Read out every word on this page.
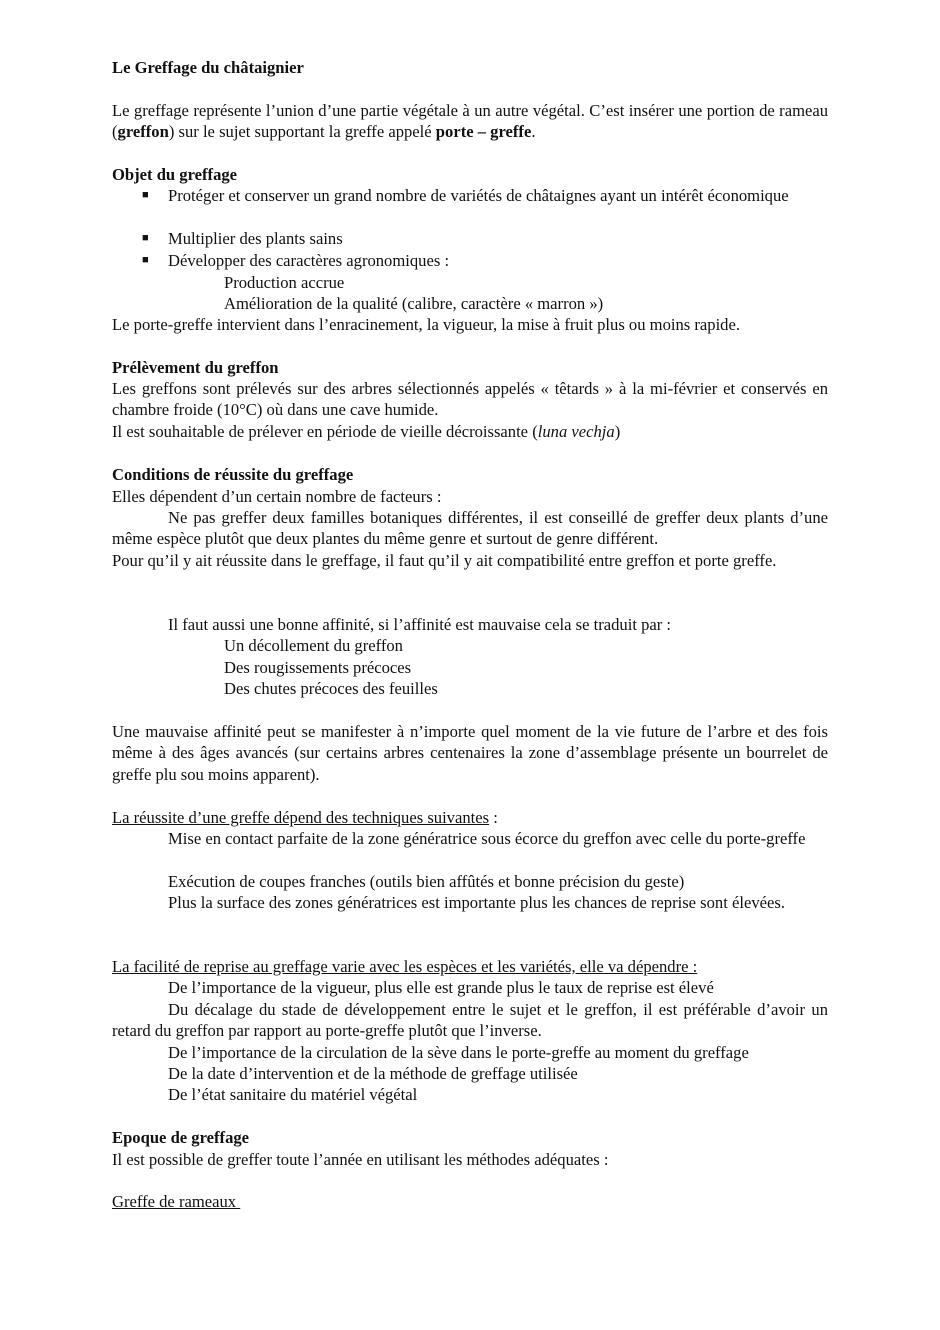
Le Greffage du châtaignier

Le greffage représente l’union d’une partie végétale à un autre végétal. C’est insérer une portion de rameau (greffon) sur le sujet supportant la greffe appelé porte – greffe.

Objet du greffage

■ Protéger et conserver un grand nombre de variétés de châtaignes ayant un intérêt économique
■ Multiplier des plants sains
■ Développer des caractères agronomiques :

Production accrue

Amélioration de la qualité (calibre, caractère « marron »)

Le porte-greffe intervient dans l’enracinement, la vigueur, la mise à fruit plus ou moins rapide.

Prélèvement du greffon

Les greffons sont prélevés sur des arbres sélectionnés appelés « têtards » à la mi-février et conservés en chambre froide (10°C) où dans une cave humide.

Il est souhaitable de prélever en période de vieille décroissante (luna vechja)

Conditions de réussite du greffage

Elles dépendent d’un certain nombre de facteurs :

Ne pas greffer deux familles botaniques différentes, il est conseillé de greffer deux plants d’une même espèce plutôt que deux plantes du même genre et surtout de genre différent.

Pour qu’il y ait réussite dans le greffage, il faut qu’il y ait compatibilité entre greffon et porte greffe.

Il faut aussi une bonne affinité, si l’affinité est mauvaise cela se traduit par :

Un décollement du greffon

Des rougissements précoces

Des chutes précoces des feuilles

Une mauvaise affinité peut se manifester à n’importe quel moment de la vie future de l’arbre et des fois même à des âges avancés (sur certains arbres centenaires la zone d’assemblage présente un bourrelet de greffe plu sou moins apparent).

La réussite d’une greffe dépend des techniques suivantes :

Mise en contact parfaite de la zone génératrice sous écorce du greffon avec celle du porte-greffe

Exécution de coupes franches (outils bien affûtés et bonne précision du geste)

Plus la surface des zones génératrices est importante plus les chances de reprise sont élevées.

La facilité de reprise au greffage varie avec les espèces et les variétés, elle va dépendre :

De l’importance de la vigueur, plus elle est grande plus le taux de reprise est élevé

Du décalage du stade de développement entre le sujet et le greffon, il est préférable d’avoir un retard du greffon par rapport au porte-greffe plutôt que l’inverse.

De l’importance de la circulation de la sève dans le porte-greffe au moment du greffage

De la date d’intervention et de la méthode de greffage utilisée

De l’état sanitaire du matériel végétal

Epoque de greffage

Il est possible de greffer toute l’année en utilisant les méthodes adéquates :

Greffe de rameaux
